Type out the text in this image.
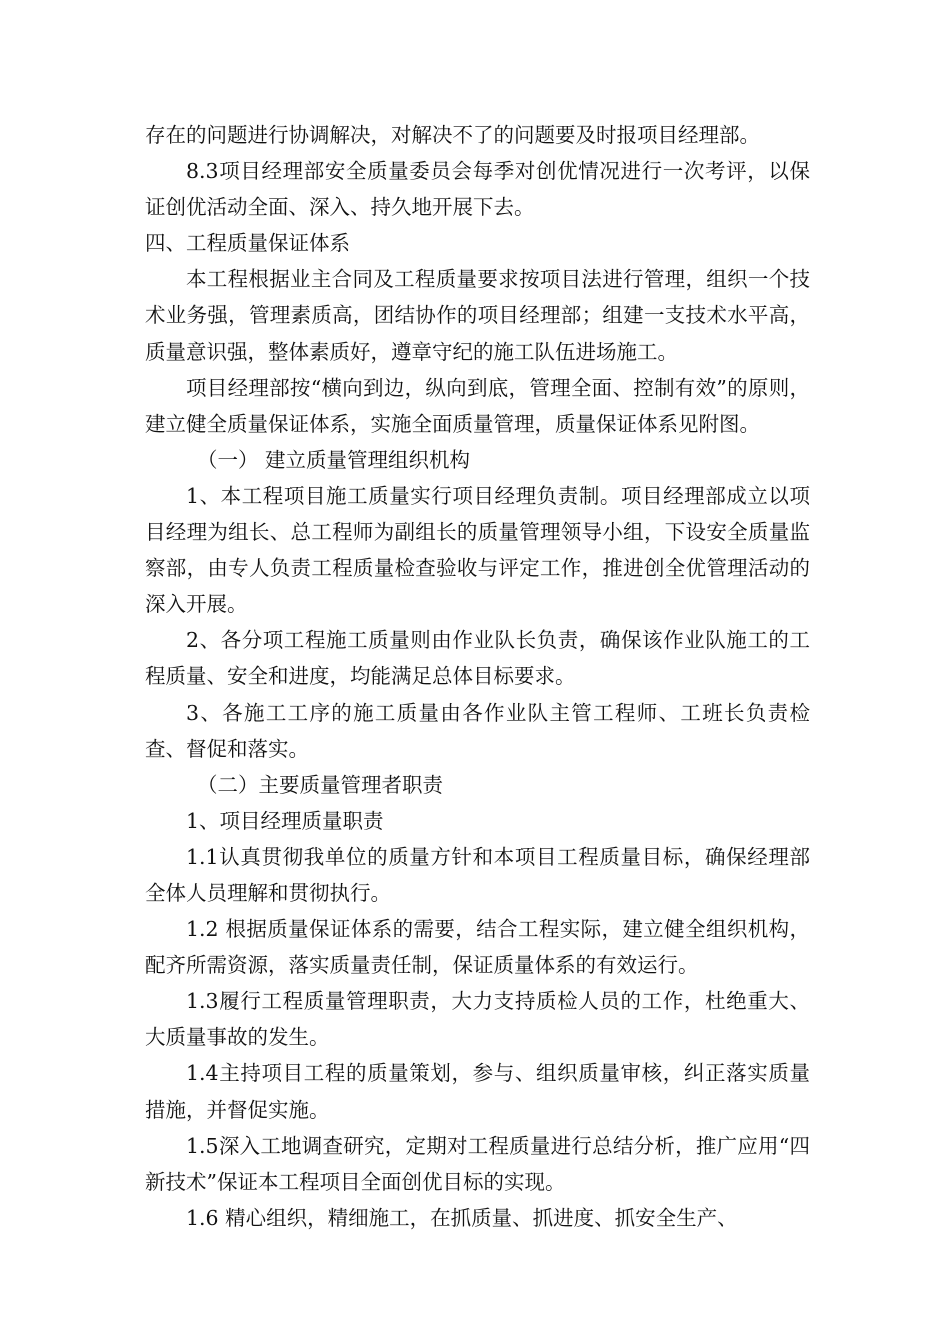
存在的问题进行协调解决，对解决不了的问题要及时报项目经理部。

8.3项目经理部安全质量委员会每季对创优情况进行一次考评，以保证创优活动全面、深入、持久地开展下去。

四、工程质量保证体系

本工程根据业主合同及工程质量要求按项目法进行管理，组织一个技术业务强，管理素质高，团结协作的项目经理部；组建一支技术水平高，质量意识强，整体素质好，遵章守纪的施工队伍进场施工。

项目经理部按“横向到边，纵向到底，管理全面、控制有效”的原则，建立健全质量保证体系，实施全面质量管理，质量保证体系见附图。

（一） 建立质量管理组织机构

1、本工程项目施工质量实行项目经理负责制。项目经理部成立以项目经理为组长、总工程师为副组长的质量管理领导小组，下设安全质量监察部，由专人负责工程质量检查验收与评定工作，推进创全优管理活动的深入开展。

2、各分项工程施工质量则由作业队长负责，确保该作业队施工的工程质量、安全和进度，均能满足总体目标要求。

3、各施工工序的施工质量由各作业队主管工程师、工班长负责检查、督促和落实。

（二）主要质量管理者职责

1、项目经理质量职责

1.1认真贯彻我单位的质量方针和本项目工程质量目标，确保经理部全体人员理解和贯彻执行。

1.2 根据质量保证体系的需要，结合工程实际，建立健全组织机构，配齐所需资源，落实质量责任制，保证质量体系的有效运行。

1.3履行工程质量管理职责，大力支持质检人员的工作，杜绝重大、大质量事故的发生。

1.4主持项目工程的质量策划，参与、组织质量审核，纠正落实质量措施，并督促实施。

1.5深入工地调查研究，定期对工程质量进行总结分析，推广应用“四新技术”保证本工程项目全面创优目标的实现。

1.6 精心组织，精细施工，在抓质量、抓进度、抓安全生产、
